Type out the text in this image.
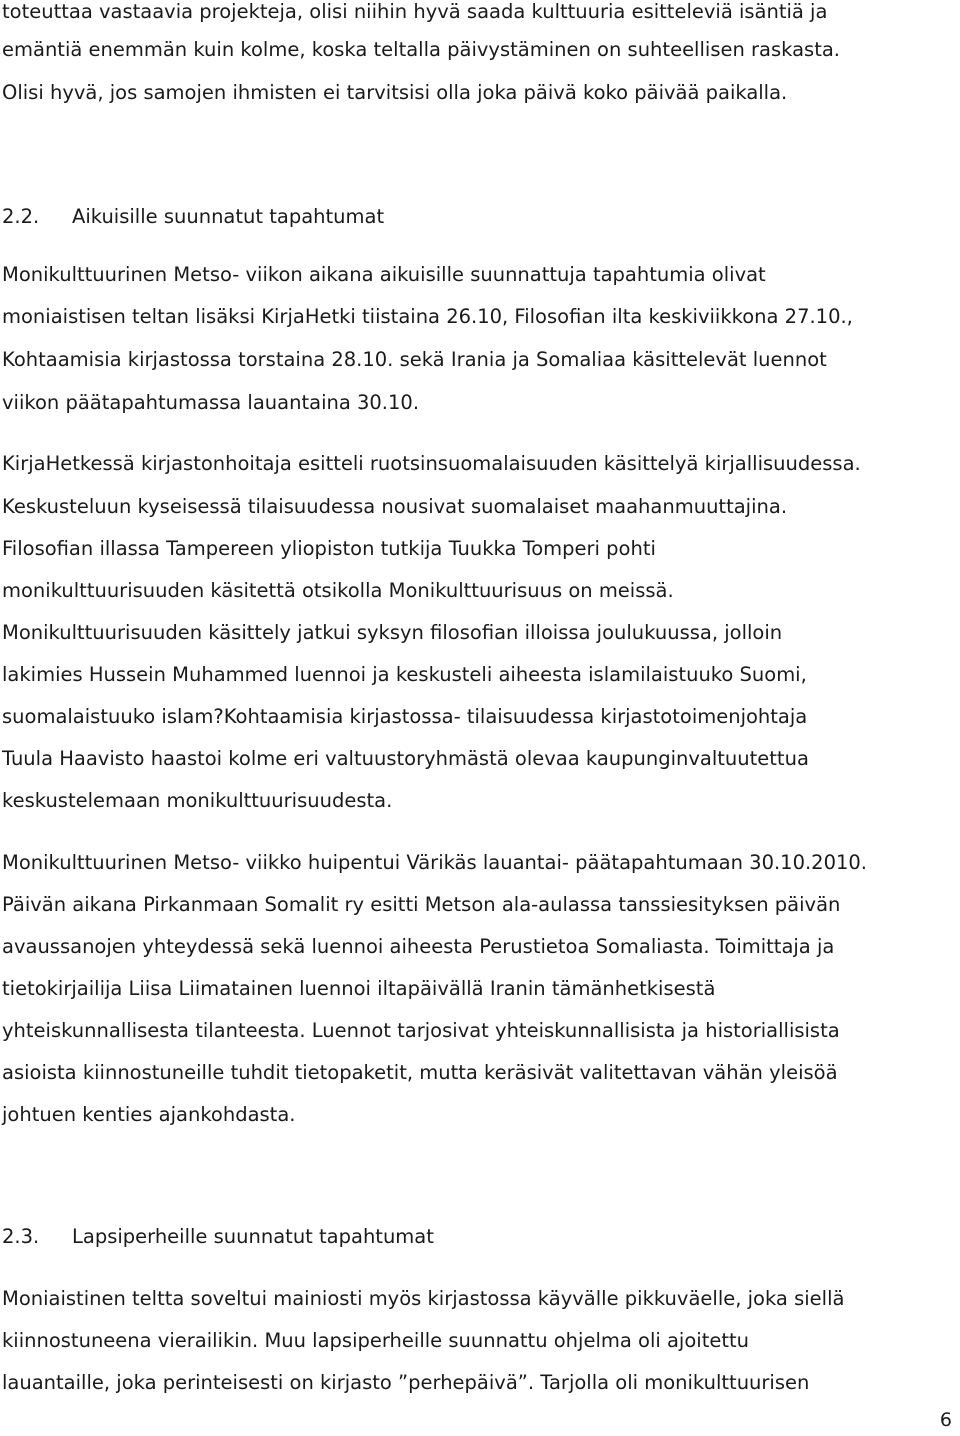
toteuttaa vastaavia projekteja, olisi niihin hyvä saada kulttuuria esitteleviä isäntiä ja
emäntiä enemmän kuin kolme, koska teltalla päivystäminen on suhteellisen raskasta.
Olisi hyvä, jos samojen ihmisten ei tarvitsisi olla joka päivä koko päivää paikalla.
2.2. Aikuisille suunnatut tapahtumat
Monikulttuurinen Metso- viikon aikana aikuisille suunnattuja tapahtumia olivat
moniaistisen teltan lisäksi KirjaHetki tiistaina 26.10, Filosofian ilta keskiviikkona 27.10.,
Kohtaamisia kirjastossa torstaina 28.10. sekä Irania ja Somaliaa käsittelevät luennot
viikon päätapahtumassa lauantaina 30.10.
KirjaHetkessä kirjastonhoitaja esitteli ruotsinsuomalaisuuden käsittelyä kirjallisuudessa.
Keskusteluun kyseisessä tilaisuudessa nousivat suomalaiset maahanmuuttajina.
Filosofian illassa Tampereen yliopiston tutkija Tuukka Tomperi pohti
monikulttuurisuuden käsitettä otsikolla Monikulttuurisuus on meissä.
Monikulttuurisuuden käsittely jatkui syksyn filosofian illoissa joulukuussa, jolloin
lakimies Hussein Muhammed luennoi ja keskusteli aiheesta islamilaistuuko Suomi,
suomalaistuuko islam?Kohtaamisia kirjastossa- tilaisuudessa kirjastotoimenjohtaja
Tuula Haavisto haastoi kolme eri valtuustoryhmästä olevaa kaupunginvaltuutettua
keskustelemaan monikulttuurisuudesta.
Monikulttuurinen Metso- viikko huipentui Värikäs lauantai- päätapahtumaan 30.10.2010.
Päivän aikana Pirkanmaan Somalit ry esitti Metson ala-aulassa tanssiesityksen päivän
avaussanojen yhteydessä sekä luennoi aiheesta Perustietoa Somaliasta. Toimittaja ja
tietokirjailija Liisa Liimatainen luennoi iltapäivällä Iranin tämänhetkisestä
yhteiskunnallisesta tilanteesta. Luennot tarjosivat yhteiskunnallisista ja historiallisista
asioista kiinnostuneille tuhdit tietopaketit, mutta keräsivät valitettavan vähän yleisöä
johtuen kenties ajankohdasta.
2.3. Lapsiperheille suunnatut tapahtumat
Moniaistinen teltta soveltui mainiosti myös kirjastossa käyvälle pikkuväelle, joka siellä
kiinnostuneena vierailikin. Muu lapsiperheille suunnattu ohjelma oli ajoitettu
lauantaille, joka perinteisesti on kirjasto ”perhepäivä”. Tarjolla oli monikulttuurisen
6
